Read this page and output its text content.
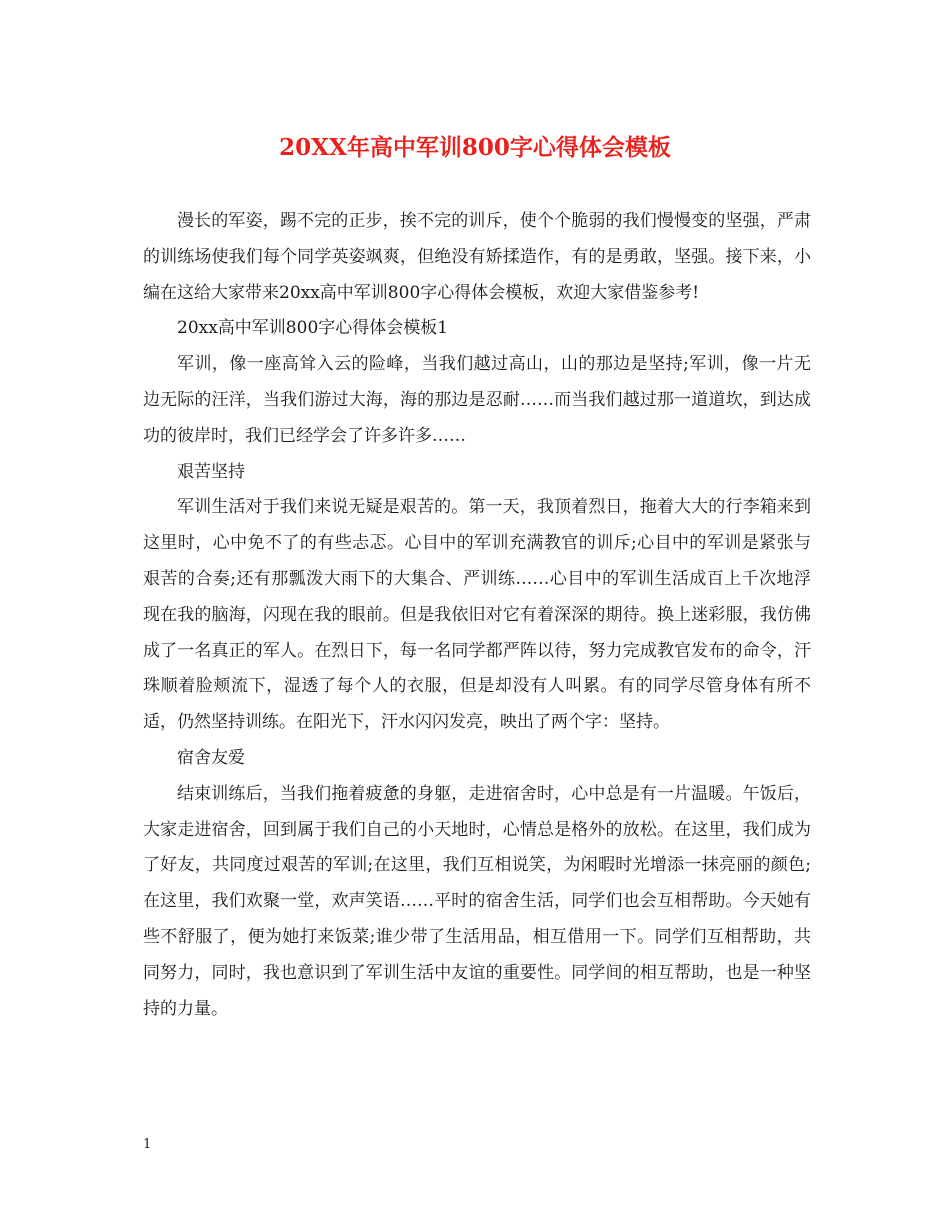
20XX年高中军训800字心得体会模板

漫长的军姿，踢不完的正步，挨不完的训斥，使个个脆弱的我们慢慢变的坚强，严肃的训练场使我们每个同学英姿飒爽，但绝没有矫揉造作，有的是勇敢，坚强。接下来，小编在这给大家带来20xx高中军训800字心得体会模板，欢迎大家借鉴参考!

20xx高中军训800字心得体会模板1

军训，像一座高耸入云的险峰，当我们越过高山，山的那边是坚持;军训，像一片无边无际的汪洋，当我们游过大海，海的那边是忍耐……而当我们越过那一道道坎，到达成功的彼岸时，我们已经学会了许多许多……

艰苦坚持

军训生活对于我们来说无疑是艰苦的。第一天，我顶着烈日，拖着大大的行李箱来到这里时，心中免不了的有些忐忑。心目中的军训充满教官的训斥;心目中的军训是紧张与艰苦的合奏;还有那瓢泼大雨下的大集合、严训练……心目中的军训生活成百上千次地浮现在我的脑海，闪现在我的眼前。但是我依旧对它有着深深的期待。换上迷彩服，我仿佛成了一名真正的军人。在烈日下，每一名同学都严阵以待，努力完成教官发布的命令，汗珠顺着脸颊流下，湿透了每个人的衣服，但是却没有人叫累。有的同学尽管身体有所不适，仍然坚持训练。在阳光下，汗水闪闪发亮，映出了两个字：坚持。

宿舍友爱

结束训练后，当我们拖着疲惫的身躯，走进宿舍时，心中总是有一片温暖。午饭后，大家走进宿舍，回到属于我们自己的小天地时，心情总是格外的放松。在这里，我们成为了好友，共同度过艰苦的军训;在这里，我们互相说笑，为闲暇时光增添一抹亮丽的颜色;在这里，我们欢聚一堂，欢声笑语……平时的宿舍生活，同学们也会互相帮助。今天她有些不舒服了，便为她打来饭菜;谁少带了生活用品，相互借用一下。同学们互相帮助，共同努力，同时，我也意识到了军训生活中友谊的重要性。同学间的相互帮助，也是一种坚持的力量。

1
